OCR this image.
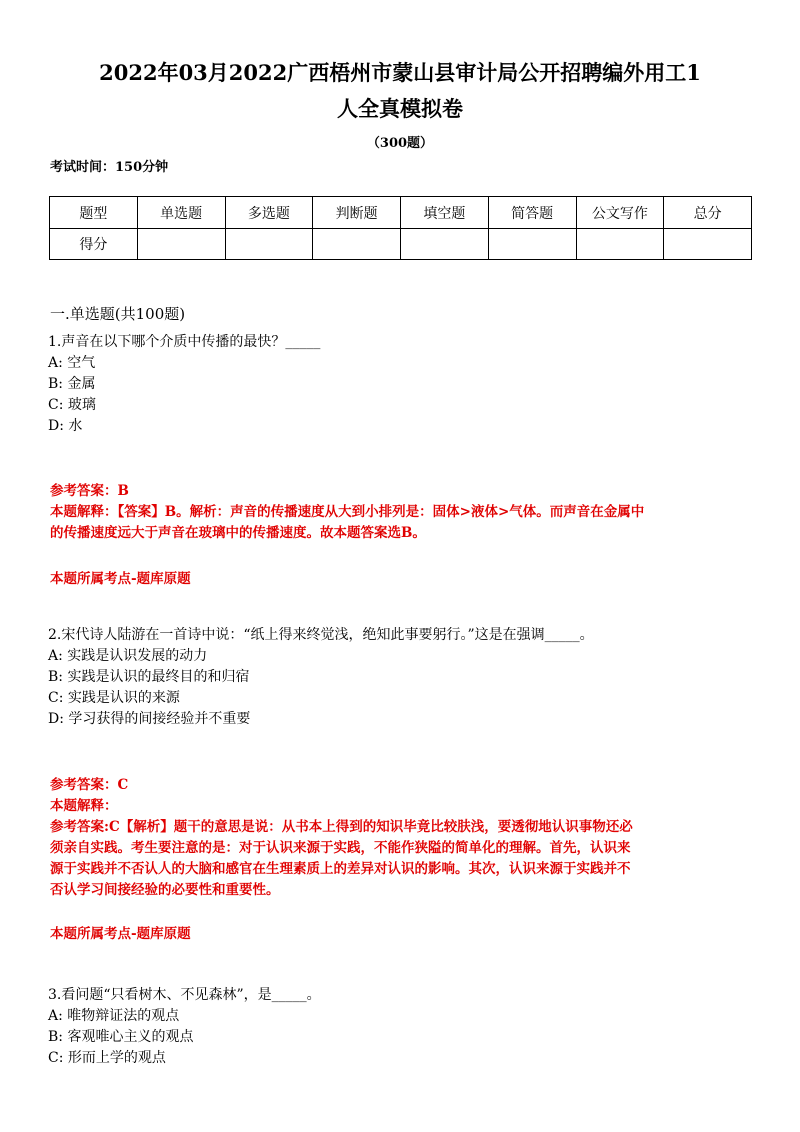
2022年03月2022广西梧州市蒙山县审计局公开招聘编外用工1
人全真模拟卷
（300题）
考试时间：150分钟
题型	单选题	多选题	判断题	填空题	简答题	公文写作	总分
得分							
一.单选题(共100题)
1.声音在以下哪个介质中传播的最快？_____
A: 空气
B: 金属
C: 玻璃
D: 水

参考答案：B

本题解释：【答案】B。解析：声音的传播速度从大到小排列是：固体>液体>气体。而声音在金属中

的传播速度远大于声音在玻璃中的传播速度。故本题答案选B。

本题所属考点-题库原题
2.宋代诗人陆游在一首诗中说：“纸上得来终觉浅，绝知此事要躬行。”这是在强调_____。
A: 实践是认识发展的动力
B: 实践是认识的最终目的和归宿
C: 实践是认识的来源
D: 学习获得的间接经验并不重要

参考答案：C

本题解释：

参考答案:C【解析】题干的意思是说：从书本上得到的知识毕竟比较肤浅，要透彻地认识事物还必

须亲自实践。考生要注意的是：对于认识来源于实践，不能作狭隘的简单化的理解。首先，认识来

源于实践并不否认人的大脑和感官在生理素质上的差异对认识的影响。其次，认识来源于实践并不

否认学习间接经验的必要性和重要性。

本题所属考点-题库原题
3.看问题“只看树木、不见森林”，是_____。
A: 唯物辩证法的观点
B: 客观唯心主义的观点
C: 形而上学的观点
